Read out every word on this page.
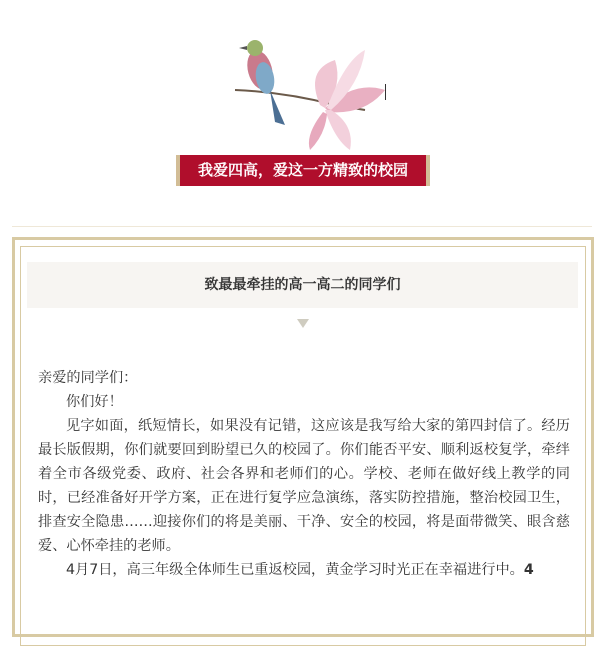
我爱四高，爱这一方精致的校园
致最最牵挂的高一高二的同学们

亲爱的同学们：

你们好！

见字如面，纸短情长，如果没有记错，这应该是我写给大家的第四封信了。经历最长版假期，你们就要回到盼望已久的校园了。你们能否平安、顺利返校复学，牵绊着全市各级党委、政府、社会各界和老师们的心。学校、老师在做好线上教学的同时，已经准备好开学方案，正在进行复学应急演练，落实防控措施，整治校园卫生，排查安全隐患……迎接你们的将是美丽、干净、安全的校园，将是面带微笑、眼含慈爱、心怀牵挂的老师。

4月7日，高三年级全体师生已重返校园，黄金学习时光正在幸福进行中。4
